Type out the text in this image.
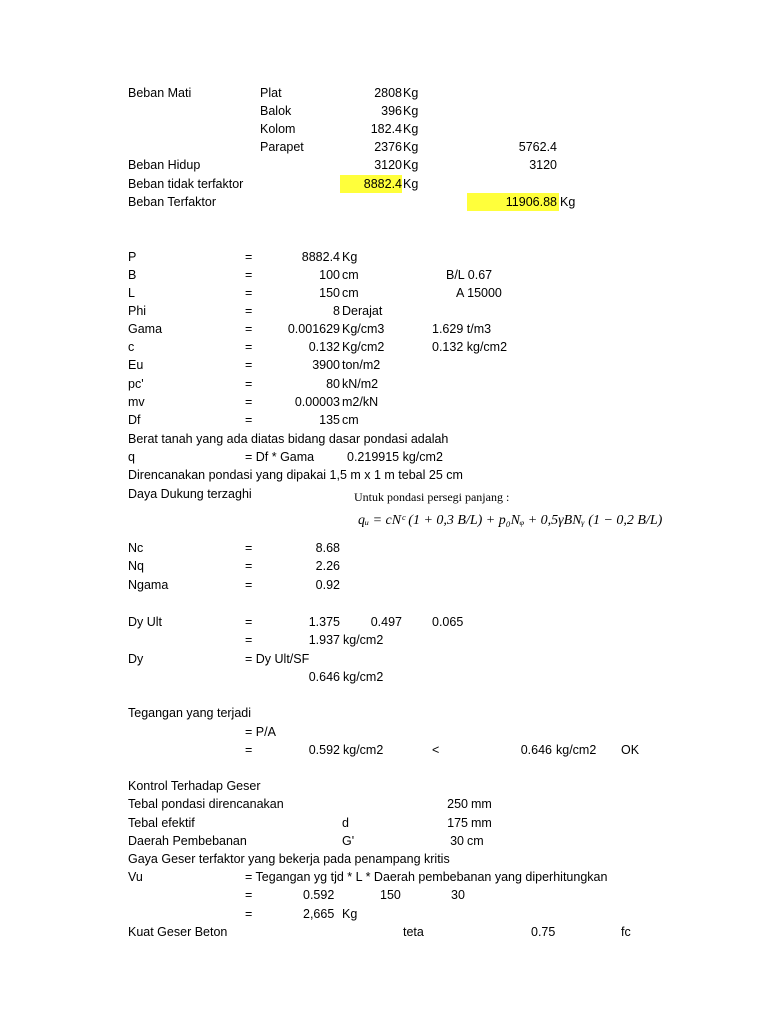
Beban Mati	Plat	2808 Kg
Balok	396 Kg
Kolom	182.4 Kg
Parapet	2376 Kg	5762.4
Beban Hidup	3120 Kg	3120
Beban tidak terfaktor	8882.4 Kg
Beban Terfaktor	11906.88 Kg
P	=	8882.4 Kg
B	=	100 cm	B/L 0.67
L	=	150 cm	A 15000
Phi	=	8 Derajat
Gama	=	0.001629 Kg/cm3	1.629 t/m3
c	=	0.132 Kg/cm2	0.132 kg/cm2
Eu	=	3900 ton/m2
pc'	=	80 kN/m2
mv	=	0.00003 m2/kN
Df	=	135 cm
Berat tanah yang ada diatas bidang dasar pondasi adalah
q	= Df * Gama	0.219915 kg/cm2
Direncanakan pondasi yang dipakai 1,5 m x 1 m tebal 25 cm
Daya Dukung terzaghi	Untuk pondasi persegi panjang :
qᵤ = cNᶜ (1 + 0,3 B/L) + p₀Nᵩ + 0,5γBNᵧ (1 − 0,2 B/L)
Nc	=	8.68
Nq	=	2.26
Ngama	=	0.92
Dy Ult	=	1.375	0.497 0.065
=	1.937 kg/cm2
Dy	= Dy Ult/SF
0.646 kg/cm2
Tegangan yang terjadi
= P/A
=	0.592 kg/cm2	<	0.646 kg/cm2 OK
Kontrol Terhadap Geser
Tebal pondasi direncanakan	250 mm
Tebal efektif	d	175 mm
Daerah Pembebanan	G'	30 cm
Gaya Geser terfaktor yang bekerja pada penampang kritis
Vu	= Tegangan yg tjd * L * Daerah pembebanan yang diperhitungkan
=	0.592	150	30
=	2,665 Kg
Kuat Geser Beton	teta	0.75	fc
